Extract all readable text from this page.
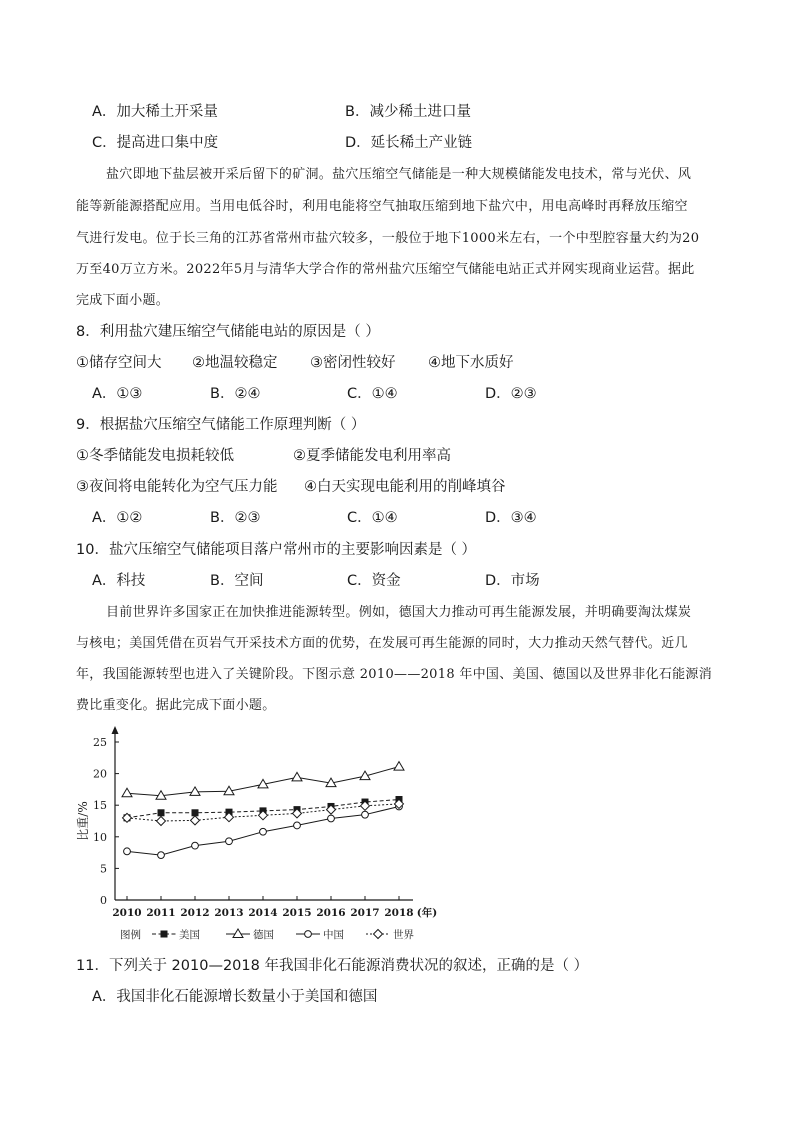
A．加大稀土开采量	B．减少稀土进口量
C．提高进口集中度	D．延长稀土产业链
盐穴即地下盐层被开采后留下的矿洞。盐穴压缩空气储能是一种大规模储能发电技术，常与光伏、风
能等新能源搭配应用。当用电低谷时，利用电能将空气抽取压缩到地下盐穴中，用电高峰时再释放压缩空
气进行发电。位于长三角的江苏省常州市盐穴较多，一般位于地下1000米左右，一个中型腔容量大约为20
万至40万立方米。2022年5月与清华大学合作的常州盐穴压缩空气储能电站正式并网实现商业运营。据此
完成下面小题。
8．利用盐穴建压缩空气储能电站的原因是（ ）
①储存空间大 ②地温较稳定 ③密闭性较好 ④地下水质好
A．①③	B．②④	C．①④	D．②③
9．根据盐穴压缩空气储能工作原理判断（ ）
①冬季储能发电损耗较低	②夏季储能发电利用率高
③夜间将电能转化为空气压力能 ④白天实现电能利用的削峰填谷
A．①②	B．②③	C．①④	D．③④
10．盐穴压缩空气储能项目落户常州市的主要影响因素是（ ）
A．科技	B．空间	C．资金	D．市场
目前世界许多国家正在加快推进能源转型。例如，德国大力推动可再生能源发展，并明确要淘汰煤炭
与核电；美国凭借在页岩气开采技术方面的优势，在发展可再生能源的同时，大力推动天然气替代。近几
年，我国能源转型也进入了关键阶段。下图示意 2010——2018 年中国、美国、德国以及世界非化石能源消
费比重变化。据此完成下面小题。
0
5
10
15
20
25
2010 2011 2012 2013 2014 2015 2016 2017 2018 (年)
比重/%
图例	美国	德国	中国	世界
11．下列关于 2010—2018 年我国非化石能源消费状况的叙述，正确的是（ ）
A．我国非化石能源增长数量小于美国和德国
